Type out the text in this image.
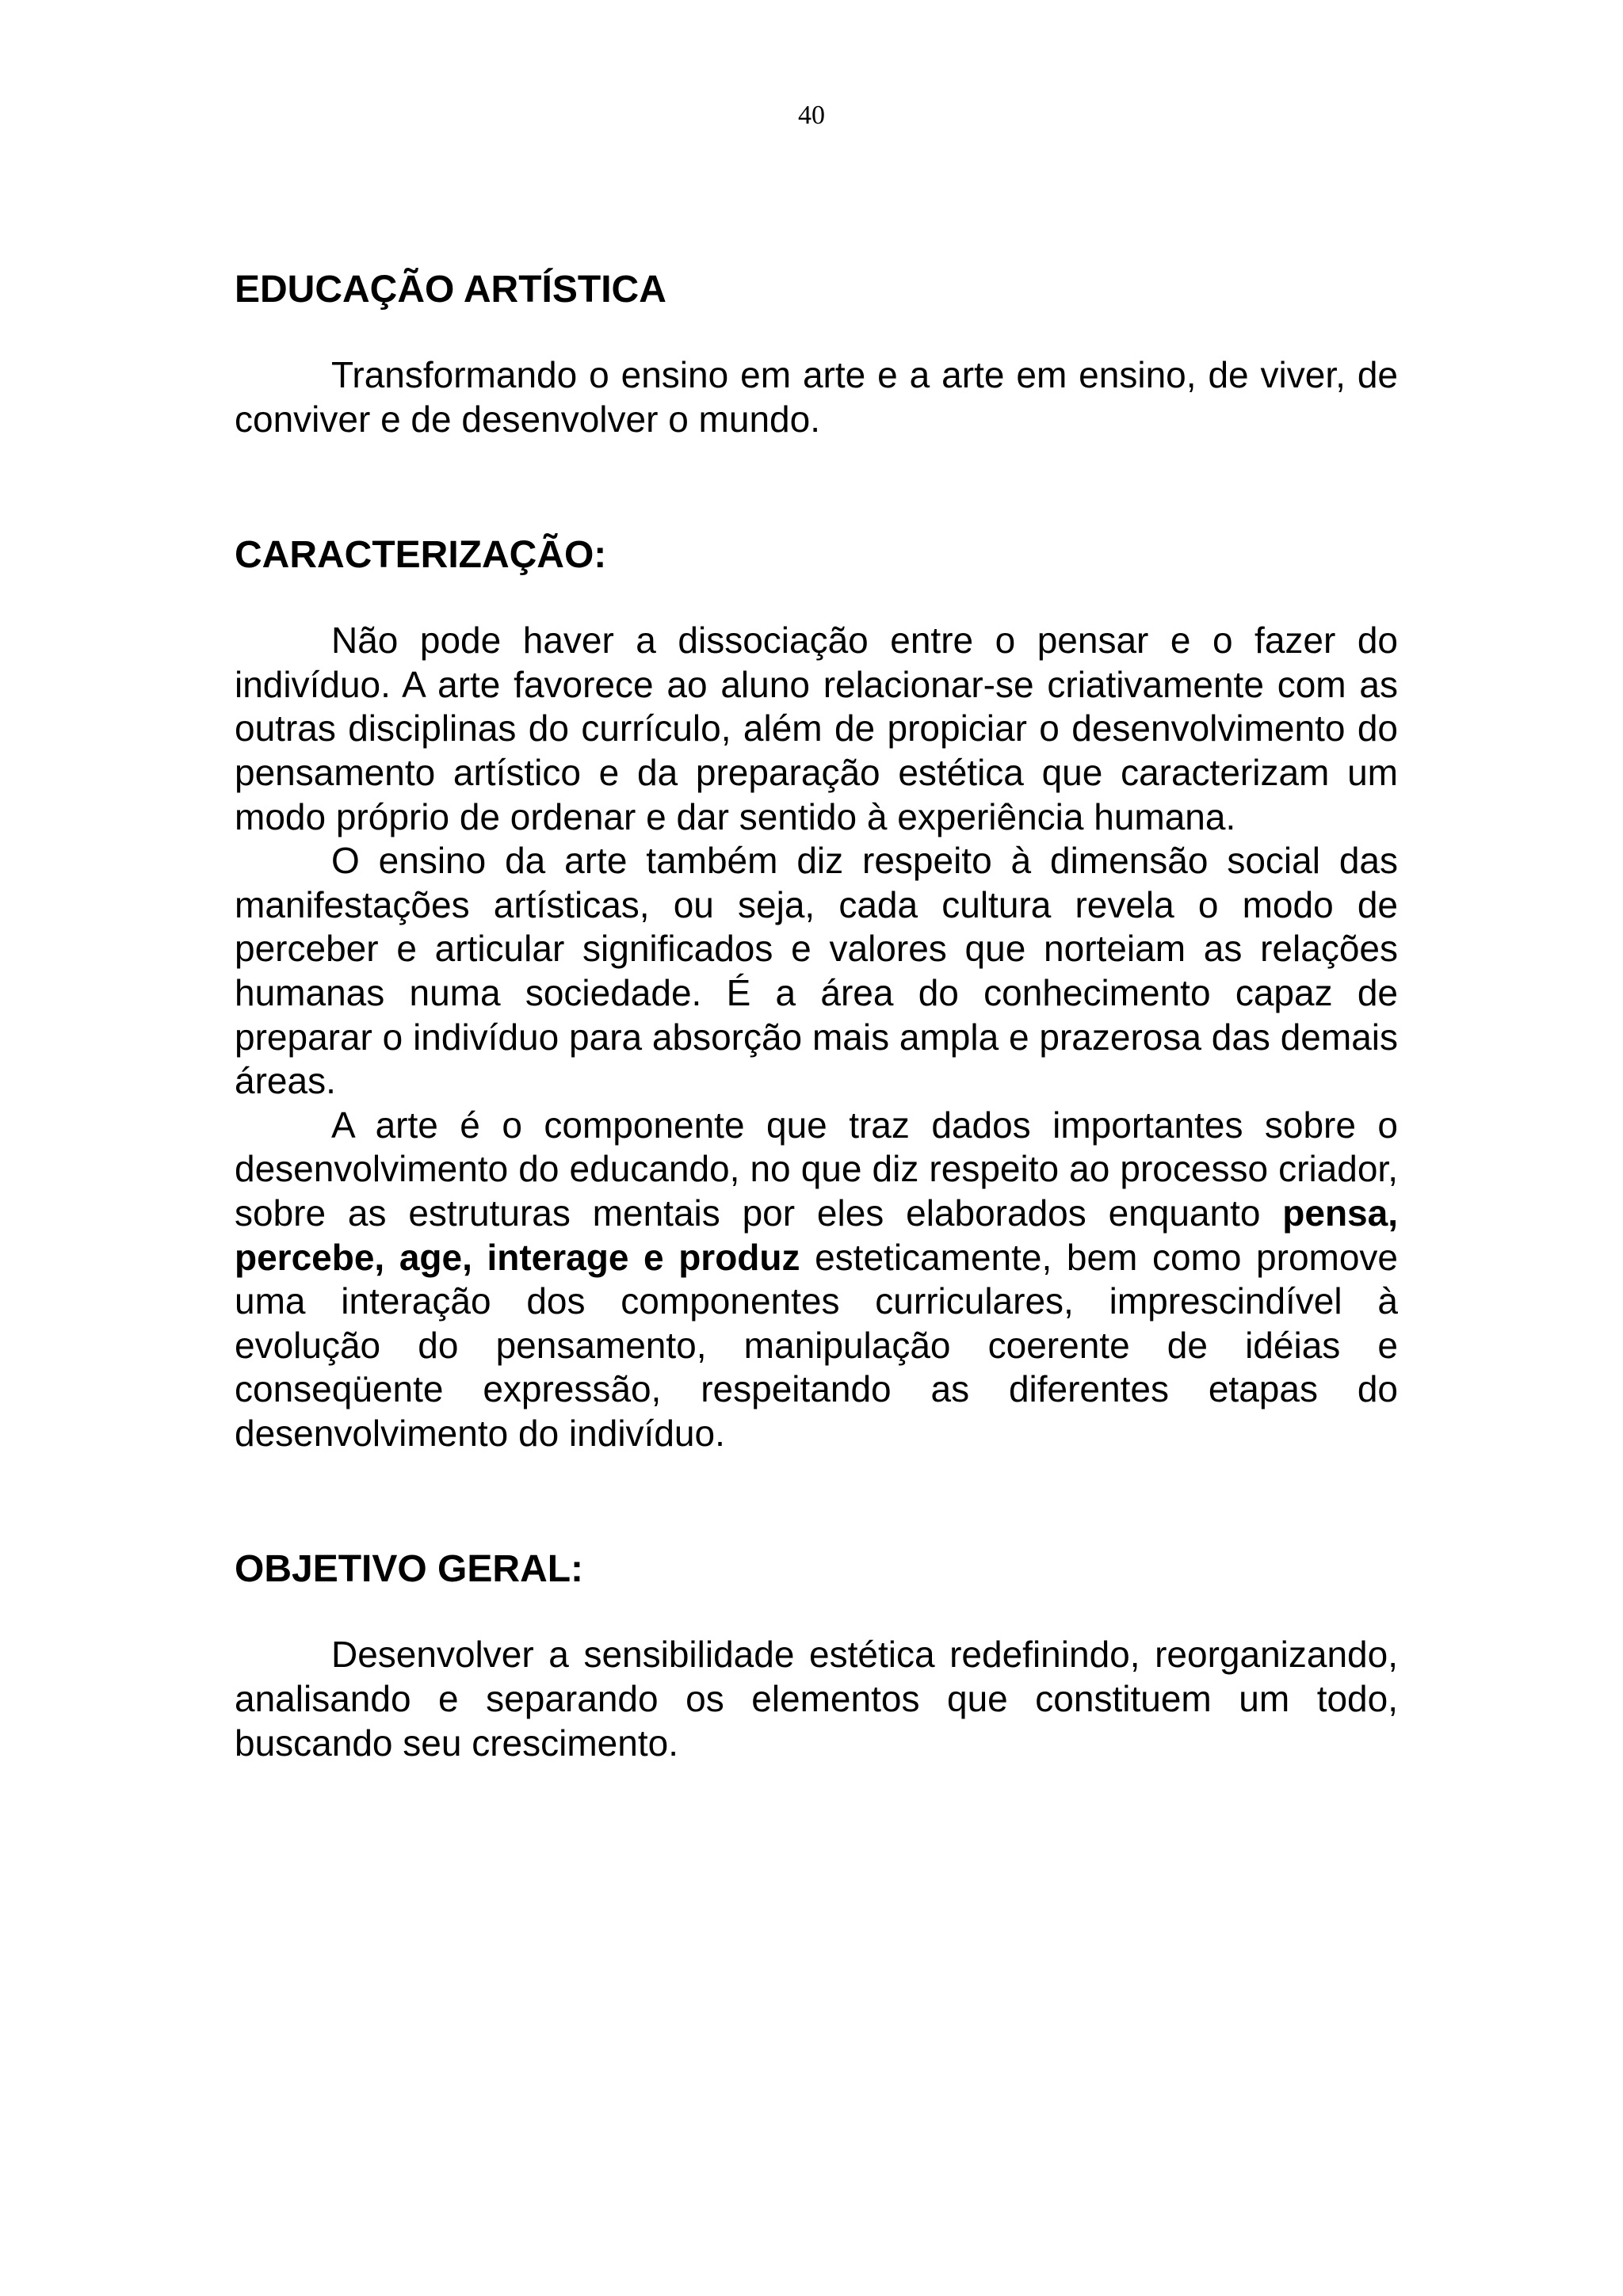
40
EDUCAÇÃO ARTÍSTICA

Transformando o ensino em arte e a arte em ensino, de viver, de conviver e de desenvolver o mundo.

CARACTERIZAÇÃO:

Não pode haver a dissociação entre o pensar e o fazer do indivíduo. A arte favorece ao aluno relacionar-se criativamente com as outras disciplinas do currículo, além de propiciar o desenvolvimento do pensamento artístico e da preparação estética que caracterizam um modo próprio de ordenar e dar sentido à experiência humana.

O ensino da arte também diz respeito à dimensão social das manifestações artísticas, ou seja, cada cultura revela o modo de perceber e articular significados e valores que norteiam as relações humanas numa sociedade. É a área do conhecimento capaz de preparar o indivíduo para absorção mais ampla e prazerosa das demais áreas.

A arte é o componente que traz dados importantes sobre o desenvolvimento do educando, no que diz respeito ao processo criador, sobre as estruturas mentais por eles elaborados enquanto pensa, percebe, age, interage e produz esteticamente, bem como promove uma interação dos componentes curriculares, imprescindível à evolução do pensamento, manipulação coerente de idéias e conseqüente expressão, respeitando as diferentes etapas do desenvolvimento do indivíduo.

OBJETIVO GERAL:

Desenvolver a sensibilidade estética redefinindo, reorganizando, analisando e separando os elementos que constituem um todo, buscando seu crescimento.
